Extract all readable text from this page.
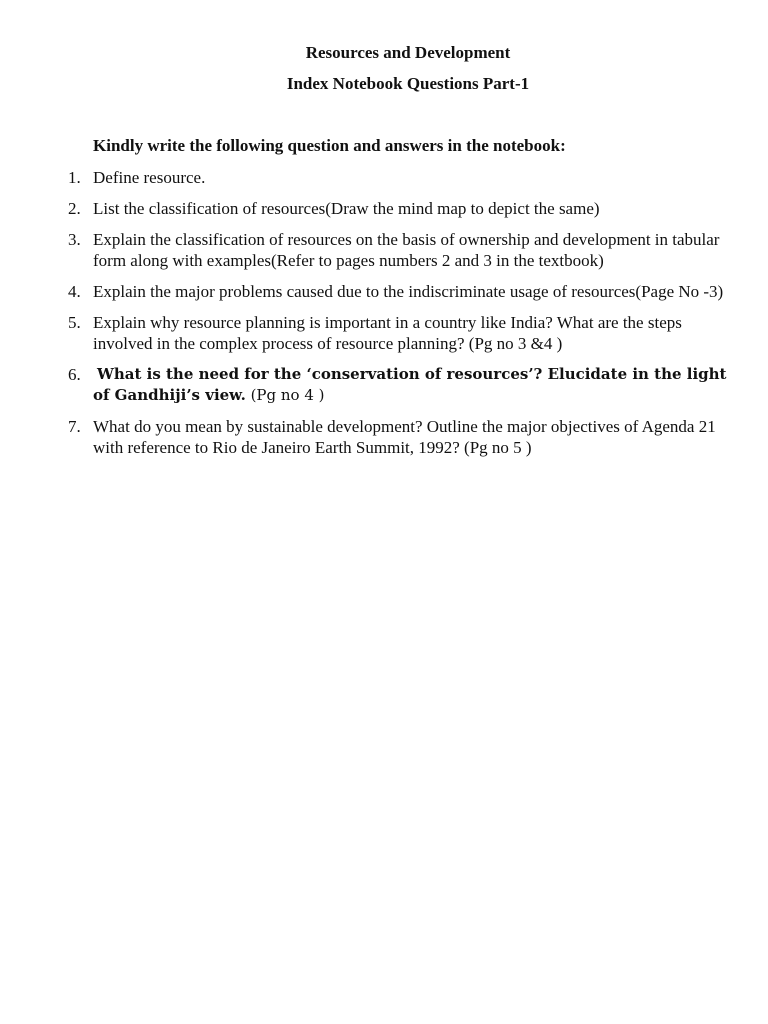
Resources and Development
Index Notebook Questions Part-1
Kindly write the following question and answers in the notebook:
1. Define resource.
2. List the classification of resources(Draw the mind map to depict the same)
3. Explain the classification of resources on the basis of ownership and development in tabular form along with examples(Refer to pages numbers 2 and 3 in the textbook)
4. Explain the major problems caused due to the indiscriminate usage of resources(Page No -3)
5. Explain why resource planning is important in a country like India? What are the steps involved in the complex process of resource planning? (Pg no 3 &4 )
6. What is the need for the ‘conservation of resources’? Elucidate in the light of Gandhiji’s view. (Pg no 4 )
7. What do you mean by sustainable development? Outline the major objectives of Agenda 21 with reference to Rio de Janeiro Earth Summit, 1992? (Pg no 5 )
